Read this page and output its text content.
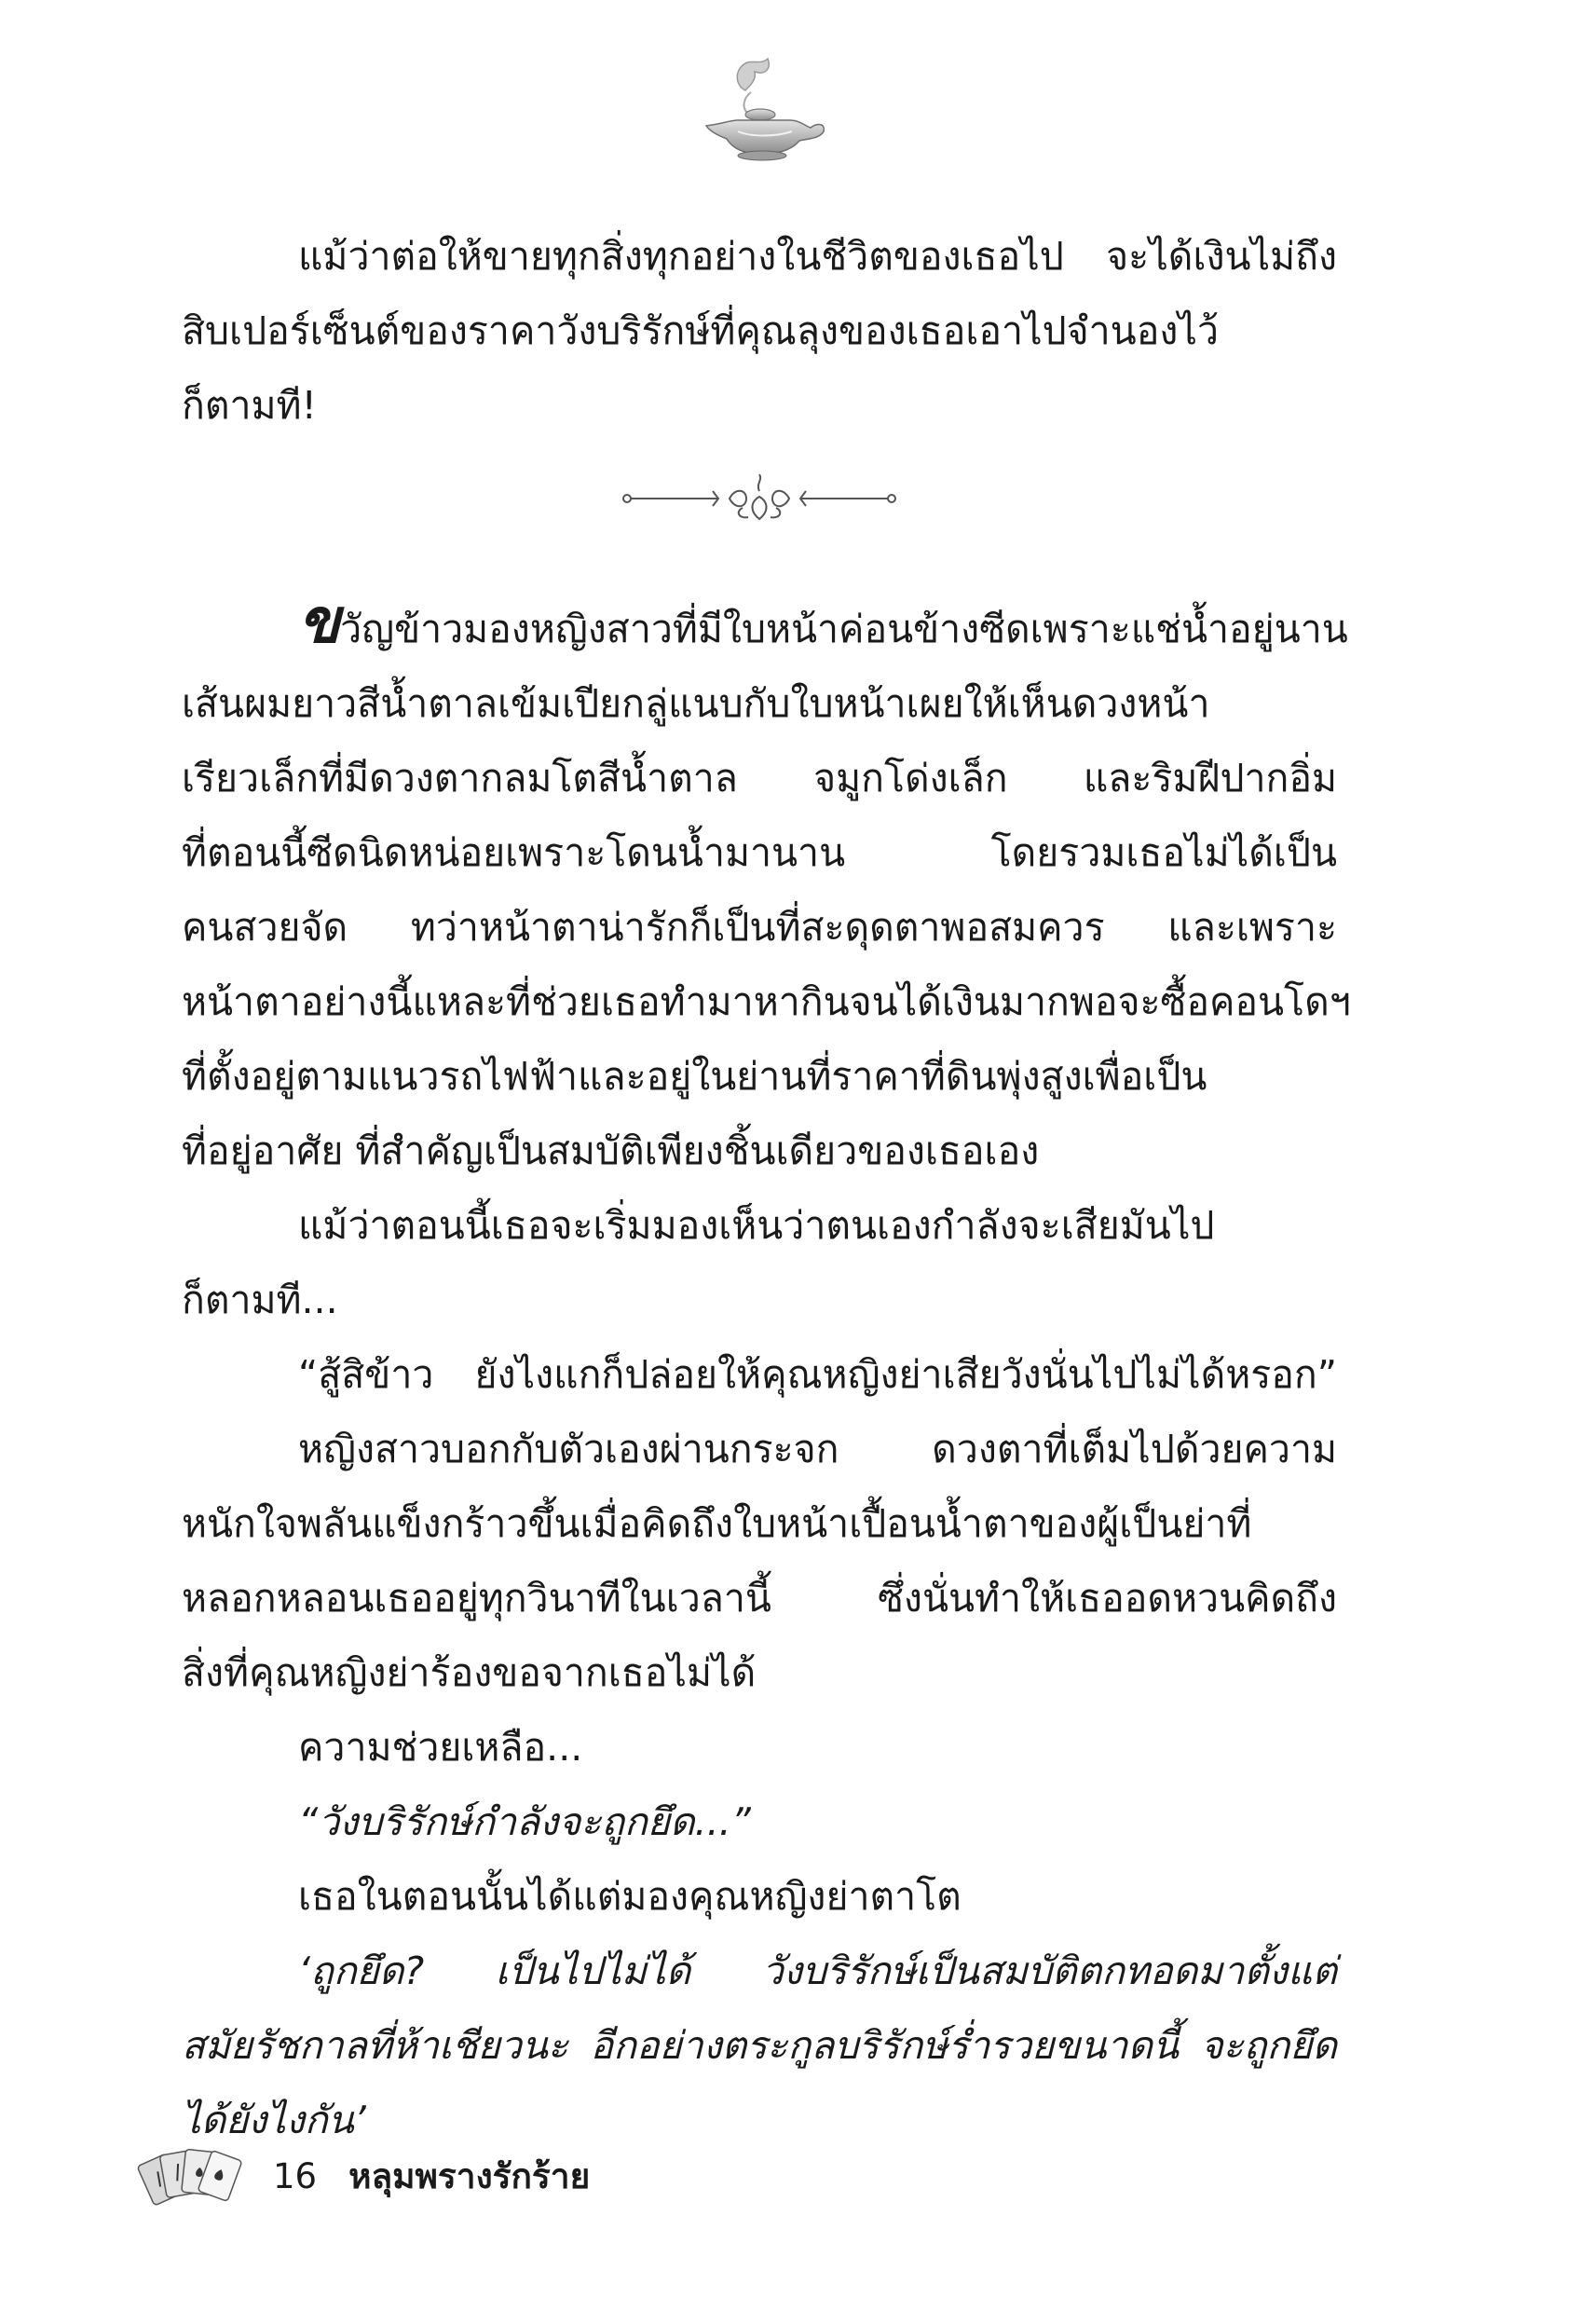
แม้ว่าต่อให้ขายทุกสิ่งทุกอย่างในชีวิตของเธอไป จะได้เงินไม่ถึง
สิบเปอร์เซ็นต์ของราคาวังบริรักษ์ที่คุณลุงของเธอเอาไปจำนองไว้
ก็ตามที!
ขวัญข้าวมองหญิงสาวที่มีใบหน้าค่อนข้างซีดเพราะแช่น้ำอยู่นาน
เส้นผมยาวสีน้ำตาลเข้มเปียกลู่แนบกับใบหน้าเผยให้เห็นดวงหน้า
เรียวเล็กที่มีดวงตากลมโตสีน้ำตาล จมูกโด่งเล็ก และริมฝีปากอิ่ม
ที่ตอนนี้ซีดนิดหน่อยเพราะโดนน้ำมานาน โดยรวมเธอไม่ได้เป็น
คนสวยจัด ทว่าหน้าตาน่ารักก็เป็นที่สะดุดตาพอสมควร และเพราะ
หน้าตาอย่างนี้แหละที่ช่วยเธอทำมาหากินจนได้เงินมากพอจะซื้อคอนโดฯ
ที่ตั้งอยู่ตามแนวรถไฟฟ้าและอยู่ในย่านที่ราคาที่ดินพุ่งสูงเพื่อเป็น
ที่อยู่อาศัย ที่สำคัญเป็นสมบัติเพียงชิ้นเดียวของเธอเอง
แม้ว่าตอนนี้เธอจะเริ่มมองเห็นว่าตนเองกำลังจะเสียมันไป
ก็ตามที...
“สู้สิข้าว ยังไงแกก็ปล่อยให้คุณหญิงย่าเสียวังนั่นไปไม่ได้หรอก”
หญิงสาวบอกกับตัวเองผ่านกระจก ดวงตาที่เต็มไปด้วยความ
หนักใจพลันแข็งกร้าวขึ้นเมื่อคิดถึงใบหน้าเปื้อนน้ำตาของผู้เป็นย่าที่
หลอกหลอนเธออยู่ทุกวินาทีในเวลานี้ ซึ่งนั่นทำให้เธออดหวนคิดถึง
สิ่งที่คุณหญิงย่าร้องขอจากเธอไม่ได้
ความช่วยเหลือ...
“วังบริรักษ์กำลังจะถูกยึด...”
เธอในตอนนั้นได้แต่มองคุณหญิงย่าตาโต
‘ถูกยึด? เป็นไปไม่ได้ วังบริรักษ์เป็นสมบัติตกทอดมาตั้งแต่
สมัยรัชกาลที่ห้าเชียวนะ อีกอย่างตระกูลบริรักษ์ร่ำรวยขนาดนี้ จะถูกยึด
ได้ยังไงกัน’
16 หลุมพรางรักร้าย
